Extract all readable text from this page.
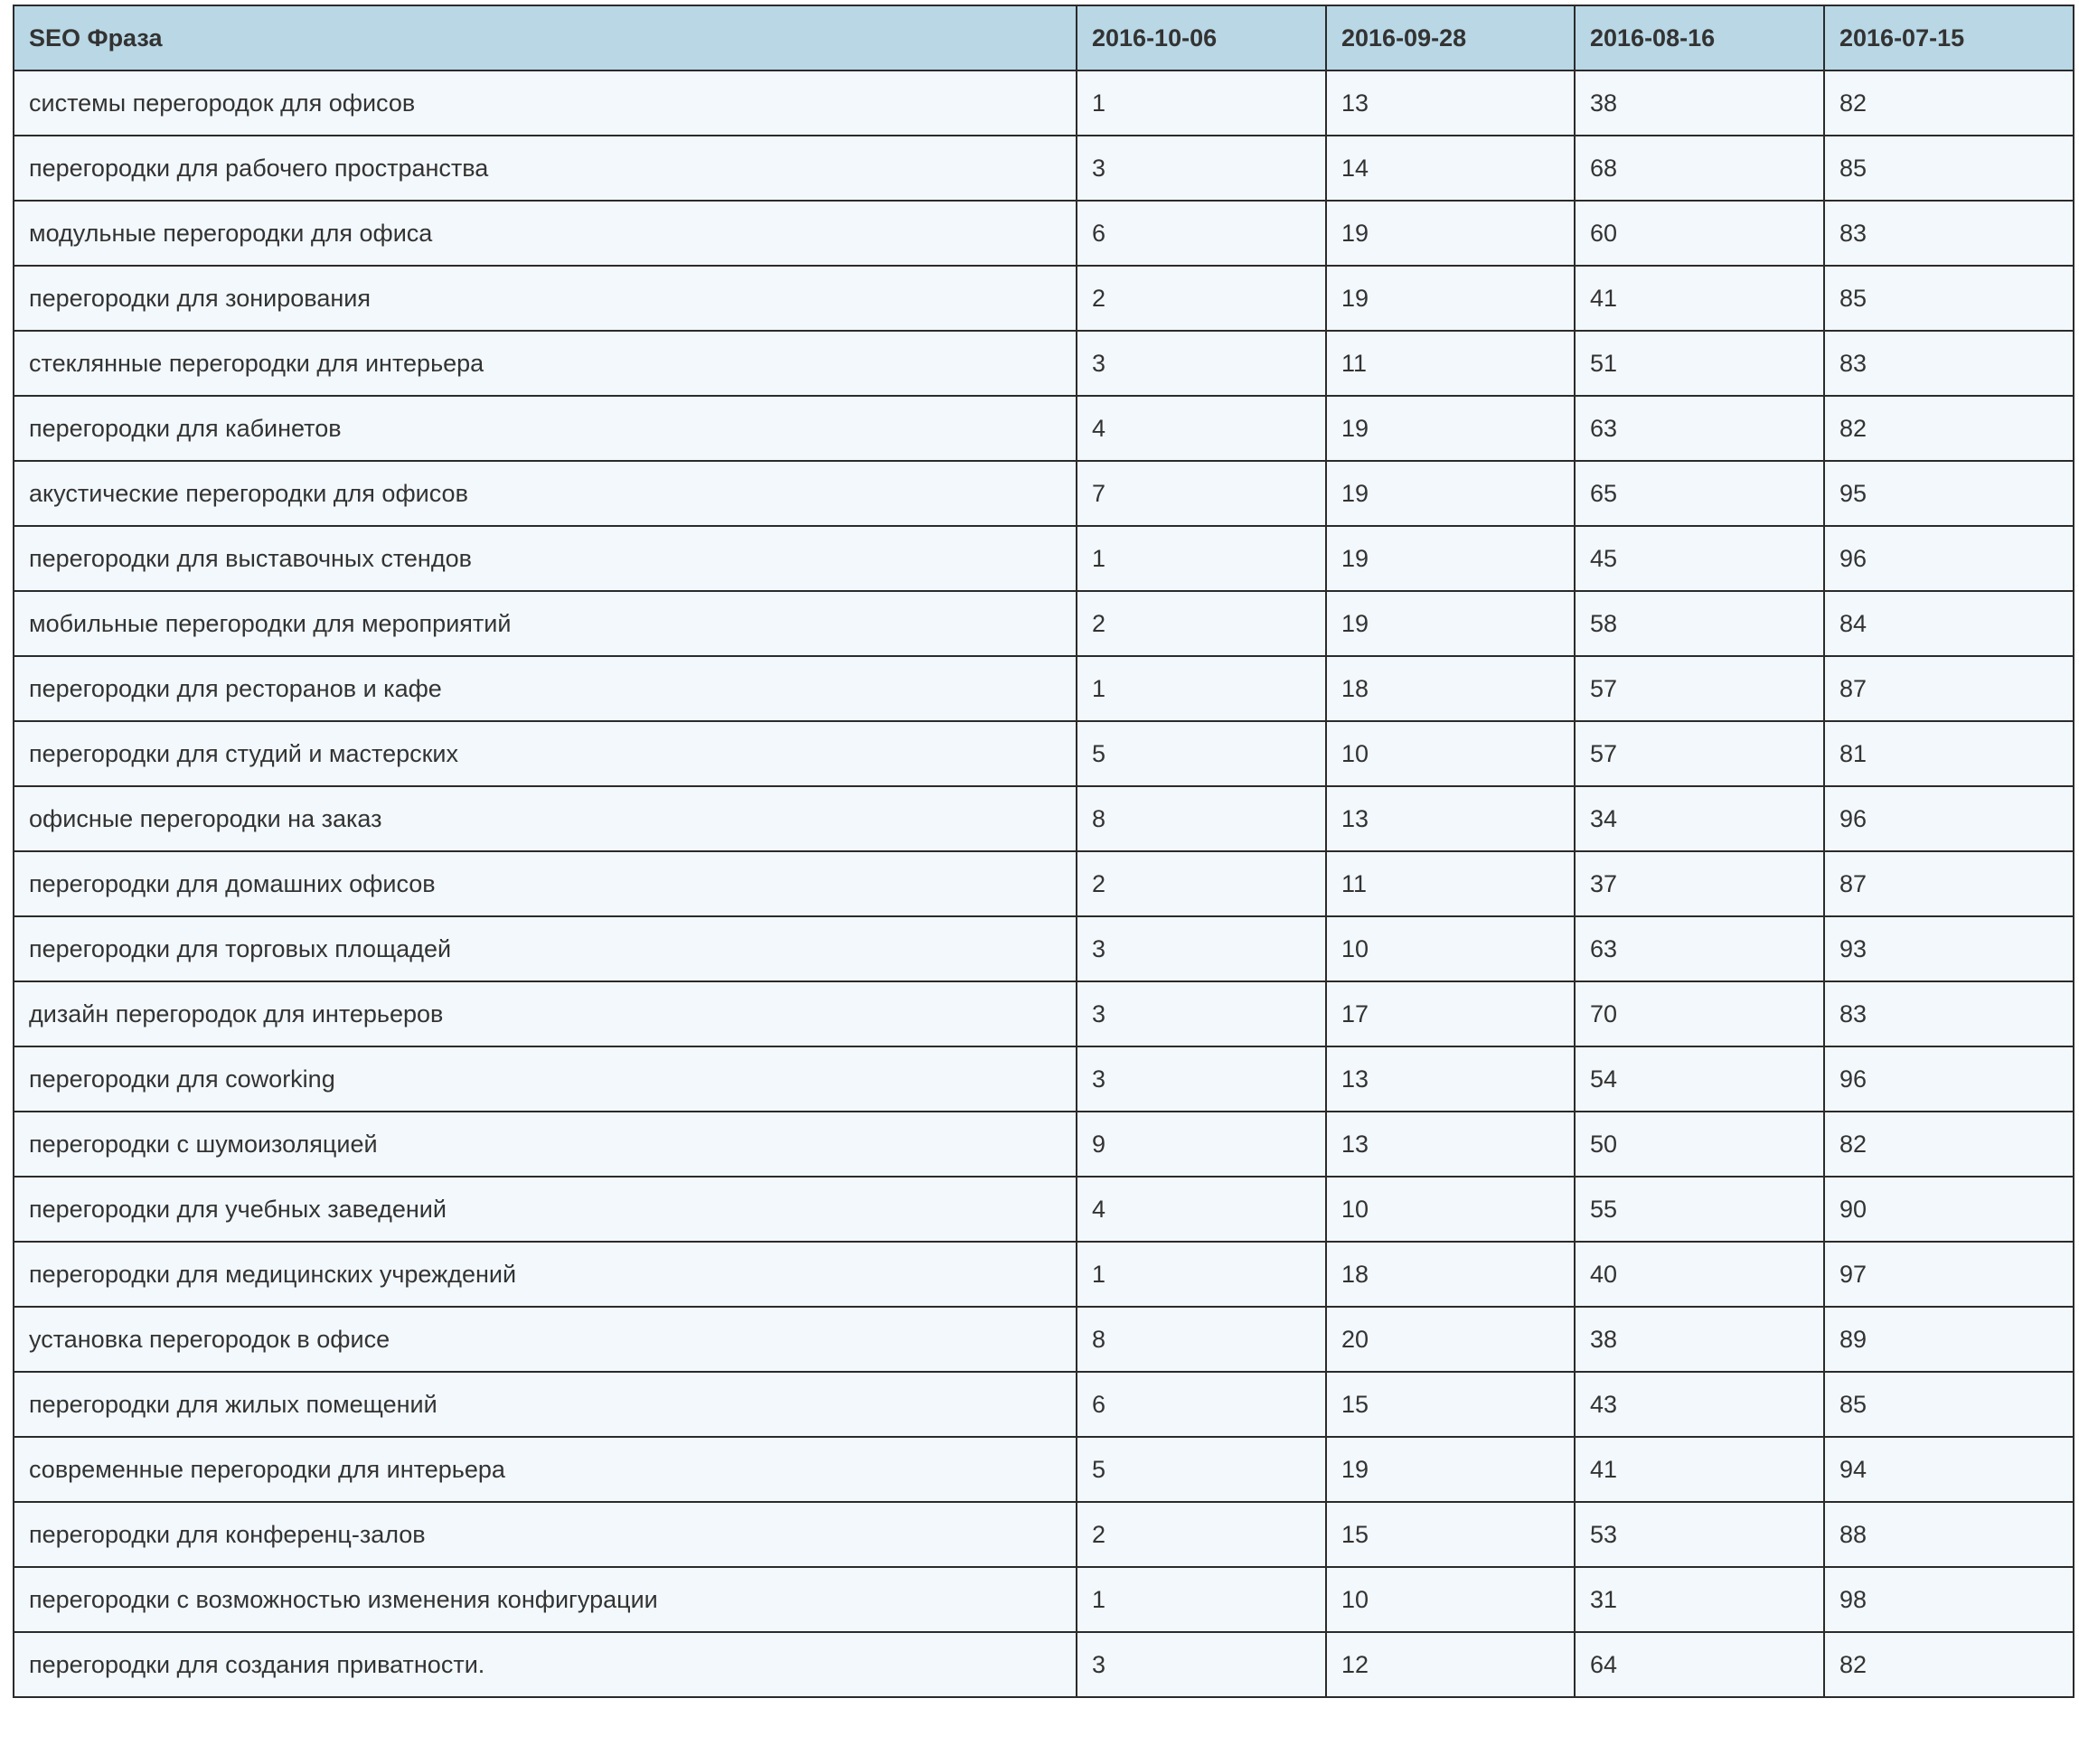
SEO Фраза	2016-10-06	2016-09-28	2016-08-16	2016-07-15
системы перегородок для офисов	1	13	38	82
перегородки для рабочего пространства	3	14	68	85
модульные перегородки для офиса	6	19	60	83
перегородки для зонирования	2	19	41	85
стеклянные перегородки для интерьера	3	11	51	83
перегородки для кабинетов	4	19	63	82
акустические перегородки для офисов	7	19	65	95
перегородки для выставочных стендов	1	19	45	96
мобильные перегородки для мероприятий	2	19	58	84
перегородки для ресторанов и кафе	1	18	57	87
перегородки для студий и мастерских	5	10	57	81
офисные перегородки на заказ	8	13	34	96
перегородки для домашних офисов	2	11	37	87
перегородки для торговых площадей	3	10	63	93
дизайн перегородок для интерьеров	3	17	70	83
перегородки для coworking	3	13	54	96
перегородки с шумоизоляцией	9	13	50	82
перегородки для учебных заведений	4	10	55	90
перегородки для медицинских учреждений	1	18	40	97
установка перегородок в офисе	8	20	38	89
перегородки для жилых помещений	6	15	43	85
современные перегородки для интерьера	5	19	41	94
перегородки для конференц-залов	2	15	53	88
перегородки с возможностью изменения конфигурации	1	10	31	98
перегородки для создания приватности.	3	12	64	82
